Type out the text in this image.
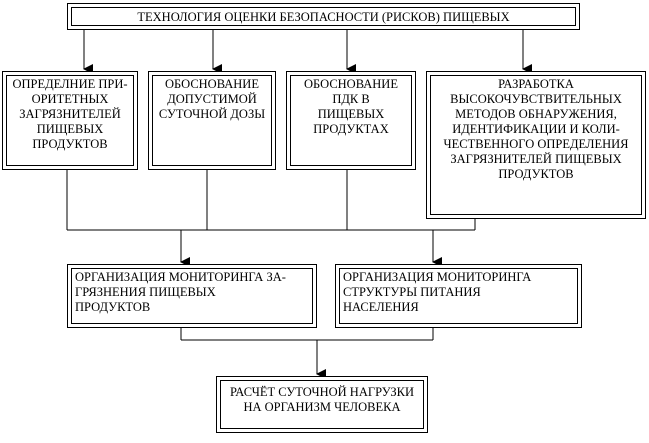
ТЕХНОЛОГИЯ ОЦЕНКИ БЕЗОПАСНОСТИ (РИСКОВ) ПИЩЕВЫХ
ОПРЕДЕЛНИЕ ПРИ-
ОРИТЕТНЫХ
ЗАГРЯЗНИТЕЛЕЙ
ПИЩЕВЫХ
ПРОДУКТОВ
ОБОСНОВАНИЕ
ДОПУСТИМОЙ
СУТОЧНОЙ ДОЗЫ
ОБОСНОВАНИЕ
ПДК В
ПИЩЕВЫХ
ПРОДУКТАХ
РАЗРАБОТКА
ВЫСОКОЧУВСТВИТЕЛЬНЫХ
МЕТОДОВ ОБНАРУЖЕНИЯ,
ИДЕНТИФИКАЦИИ И КОЛИ-
ЧЕСТВЕННОГО ОПРЕДЕЛЕНИЯ
ЗАГРЯЗНИТЕЛЕЙ ПИЩЕВЫХ
ПРОДУКТОВ
ОРГАНИЗАЦИЯ МОНИТОРИНГА ЗА-
ГРЯЗНЕНИЯ ПИЩЕВЫХ
ПРОДУКТОВ
ОРГАНИЗАЦИЯ МОНИТОРИНГА
СТРУКТУРЫ ПИТАНИЯ
НАСЕЛЕНИЯ
РАСЧЁТ СУТОЧНОЙ НАГРУЗКИ
НА ОРГАНИЗМ ЧЕЛОВЕКА
